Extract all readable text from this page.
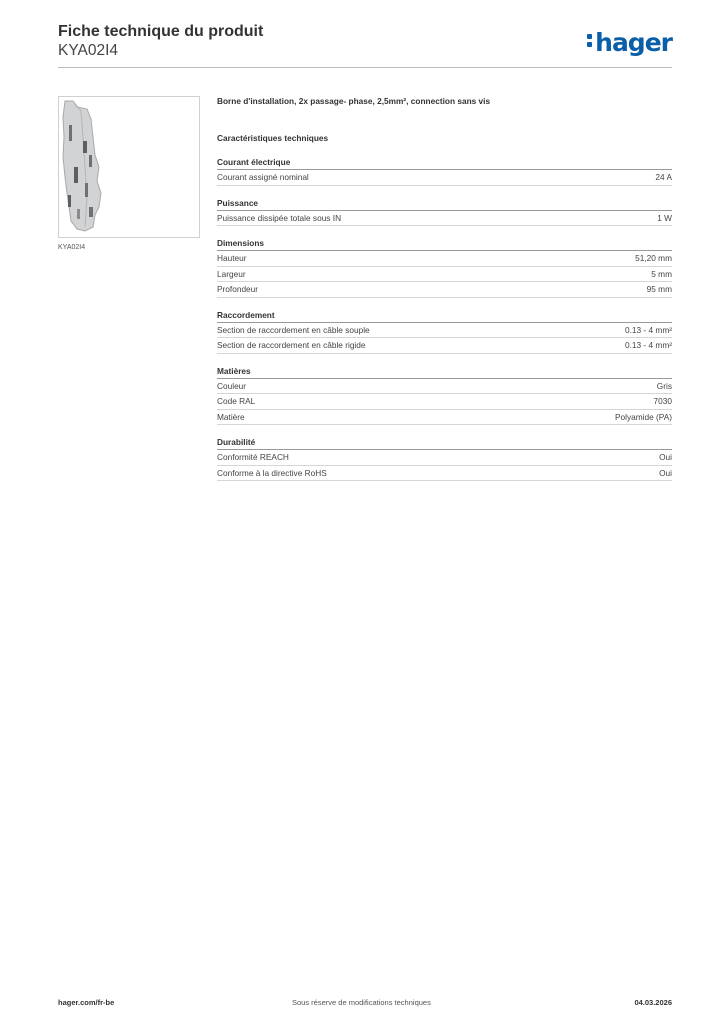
Fiche technique du produit
KYA02I4	hager
KYA02I4
Borne d'installation, 2x passage- phase, 2,5mm², connection sans vis
Caractéristiques techniques
Courant électrique
Courant assigné nominal	24 A
Puissance
Puissance dissipée totale sous IN	1 W
Dimensions
Hauteur	51,20 mm
Largeur	5 mm
Profondeur	95 mm
Raccordement
Section de raccordement en câble souple	0.13 - 4 mm²
Section de raccordement en câble rigide	0.13 - 4 mm²
Matières
Couleur	Gris
Code RAL	7030
Matière	Polyamide (PA)
Durabilité
Conformité REACH	Oui
Conforme à la directive RoHS	Oui
hager.com/fr-be	Sous réserve de modifications techniques	04.03.2026
